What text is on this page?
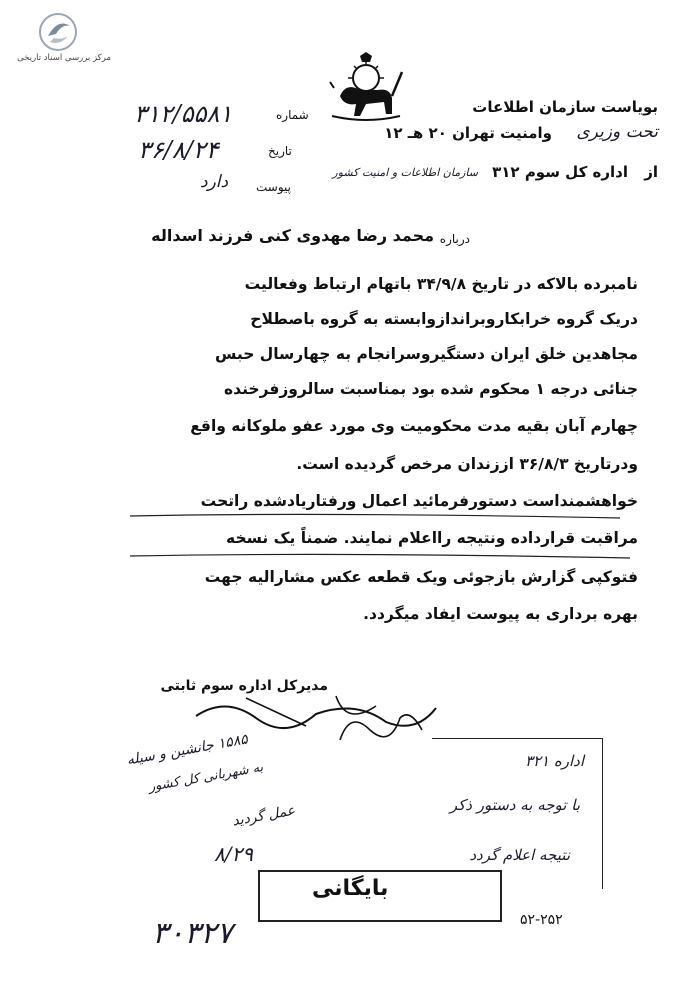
مرکز بررسی اسناد تاریخی
بویاست سازمان اطلاعات
وامنیت تهران ۲۰ هـ ۱۲ تحت وزیری
از
اداره کل سوم ۳۱۲
سازمان اطلاعات و امنیت کشور
شماره
۳۱۲/۵۵۸۱
تاریخ
۳۶/۸/۲۴
پیوست
دارد
درباره
محمد رضا مهدوی کنی فرزند اسداله
نامبرده بالاکه در تاریخ ۳۴/۹/۸ باتهام ارتباط وفعالیت
دریک گروه خرابکاروبراندازوابسته به گروه باصطلاح
مجاهدین خلق ایران دستگیروسرانجام به چهارسال حبس
جنائی درجه ۱ محکوم شده بود بمناسبت سالروزفرخنده
چهارم آبان بقیه مدت محکومیت وی مورد عفو ملوکانه واقع
ودرتاریخ ۳۶/۸/۳ اززندان مرخص گردیده است.
خواهشمنداست دستورفرمائید اعمال ورفتاریادشده راتحت
مراقبت قرارداده ونتیجه رااعلام نمایند. ضمناً یک نسخه
فتوکپی گزارش بازجوئی ویک قطعه عکس مشارالیه جهت
بهره برداری به پیوست ایفاد میگردد.
مدیرکل اداره سوم ثابتی
۱۵۸۵ جانشین و سیله
به شهربانی کل کشور
عمل گردید
اداره ۳۲۱
با توجه به دستور ذکر
نتیجه اعلام گردد
۸/۲۹
بایگانی
۳۰۳۲۷	۵۲-۲۵۲
